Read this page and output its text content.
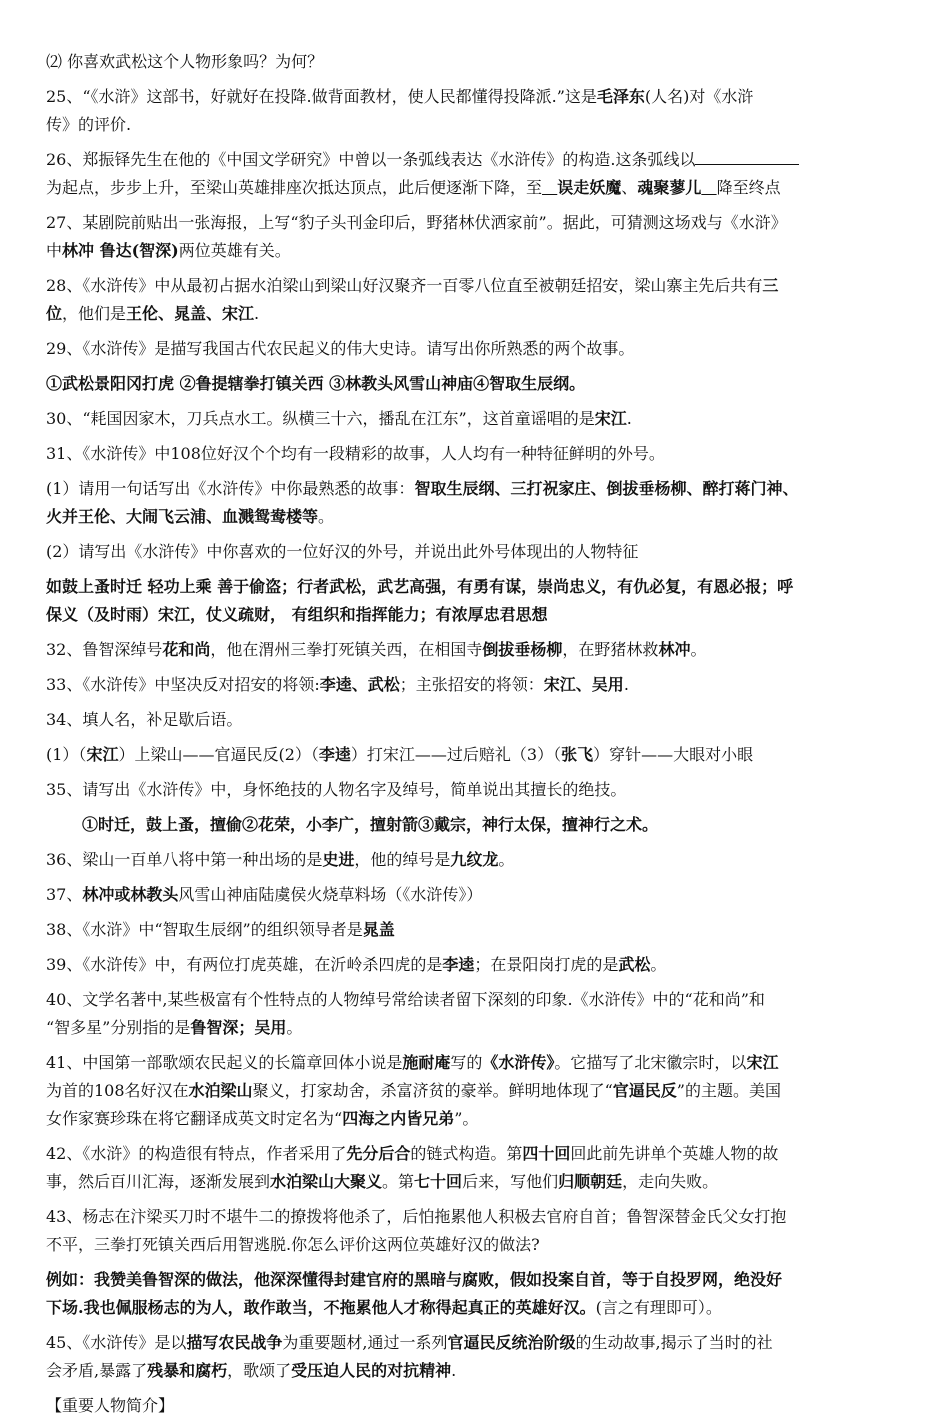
⑵ 你喜欢武松这个人物形象吗？为何？
25、“《水浒》这部书，好就好在投降.做背面教材，使人民都懂得投降派.”这是毛泽东(人名)对《水浒
传》的评价.
26、郑振铎先生在他的《中国文学研究》中曾以一条弧线表达《水浒传》的构造.这条弧线以
为起点，步步上升，至梁山英雄排座次抵达顶点，此后便逐渐下降，至 误走妖魔、魂聚蓼儿 降至终点
27、某剧院前贴出一张海报，上写“豹子头刊金印后，野猪林伏洒家前”。据此，可猜测这场戏与《水浒》
中林冲 鲁达(智深)两位英雄有关。
28、《水浒传》中从最初占据水泊梁山到梁山好汉聚齐一百零八位直至被朝廷招安，梁山寨主先后共有三
位，他们是王伦、晁盖、宋江.
29、《水浒传》是描写我国古代农民起义的伟大史诗。请写出你所熟悉的两个故事。
①武松景阳冈打虎 ②鲁提辖拳打镇关西 ③林教头风雪山神庙④智取生辰纲。
30、“耗国因家木，刀兵点水工。纵横三十六，播乱在江东”，这首童谣唱的是宋江.
31、《水浒传》中108位好汉个个均有一段精彩的故事，人人均有一种特征鲜明的外号。
(1）请用一句话写出《水浒传》中你最熟悉的故事：智取生辰纲、三打祝家庄、倒拔垂杨柳、醉打蒋门神、
火并王伦、大闹飞云浦、血溅鸳鸯楼等。
(2）请写出《水浒传》中你喜欢的一位好汉的外号，并说出此外号体现出的人物特征
如鼓上蚤时迁 轻功上乘 善于偷盗；行者武松，武艺高强，有勇有谋，崇尚忠义，有仇必复，有恩必报；呼
保义（及时雨）宋江，仗义疏财， 有组织和指挥能力；有浓厚忠君思想
32、鲁智深绰号花和尚，他在渭州三拳打死镇关西，在相国寺倒拔垂杨柳，在野猪林救林冲。
33、《水浒传》中坚决反对招安的将领:李逵、武松；主张招安的将领：宋江、吴用.
34、填人名，补足歇后语。
(1）（宋江）上梁山——官逼民反(2）（李逵）打宋江——过后赔礼（3）（张飞）穿针——大眼对小眼
35、请写出《水浒传》中，身怀绝技的人物名字及绰号，简单说出其擅长的绝技。
①时迁，鼓上蚤，擅偷②花荣，小李广，擅射箭③戴宗，神行太保，擅神行之术。
36、梁山一百单八将中第一种出场的是史进，他的绰号是九纹龙。
37、林冲或林教头风雪山神庙陆虞侯火烧草料场（《水浒传》）
38、《水浒》中“智取生辰纲”的组织领导者是晁盖
39、《水浒传》中，有两位打虎英雄，在沂岭杀四虎的是李逵；在景阳岗打虎的是武松。
40、文学名著中,某些极富有个性特点的人物绰号常给读者留下深刻的印象.《水浒传》中的“花和尚”和
“智多星”分别指的是鲁智深；吴用。
41、中国第一部歌颂农民起义的长篇章回体小说是施耐庵写的《水浒传》。它描写了北宋徽宗时，以宋江
为首的108名好汉在水泊梁山聚义，打家劫舍，杀富济贫的豪举。鲜明地体现了“官逼民反”的主题。美国
女作家赛珍珠在将它翻译成英文时定名为“四海之内皆兄弟”。
42、《水浒》的构造很有特点，作者采用了先分后合的链式构造。第四十回回此前先讲单个英雄人物的故
事，然后百川汇海，逐渐发展到水泊梁山大聚义。第七十回后来，写他们归顺朝廷，走向失败。
43、杨志在汴梁买刀时不堪牛二的撩拨将他杀了，后怕拖累他人积极去官府自首；鲁智深替金氏父女打抱
不平，三拳打死镇关西后用智逃脱.你怎么评价这两位英雄好汉的做法?
例如：我赞美鲁智深的做法，他深深懂得封建官府的黑暗与腐败，假如投案自首，等于自投罗网，绝没好
下场.我也佩服杨志的为人，敢作敢当，不拖累他人才称得起真正的英雄好汉。(言之有理即可）。
45、《水浒传》是以描写农民战争为重要题材,通过一系列官逼民反统治阶级的生动故事,揭示了当时的社
会矛盾,暴露了残暴和腐朽，歌颂了受压迫人民的对抗精神.
【重要人物简介】
